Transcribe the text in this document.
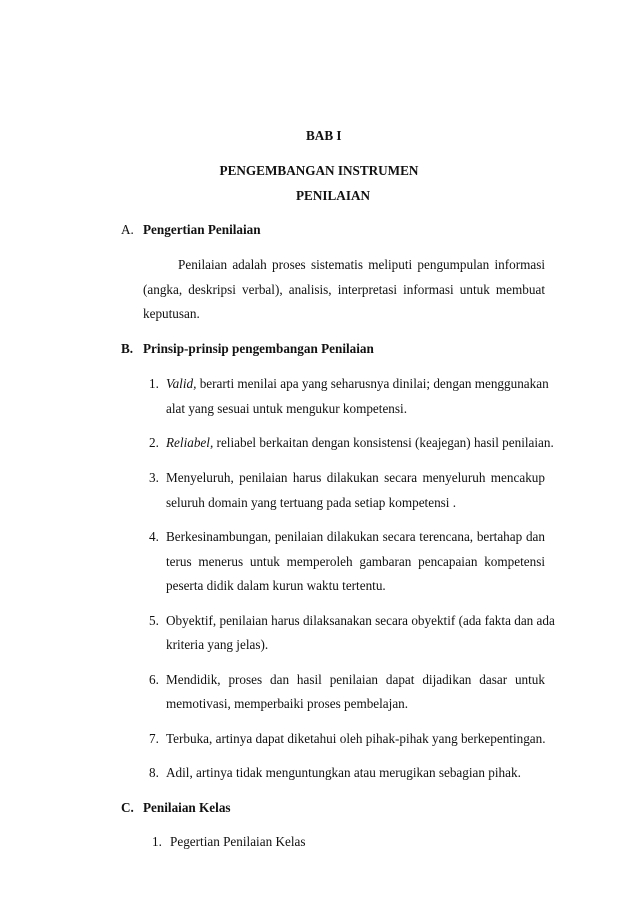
BAB I
PENGEMBANGAN INSTRUMEN
PENILAIAN
A. Pengertian Penilaian
Penilaian adalah proses sistematis meliputi pengumpulan informasi
(angka, deskripsi verbal), analisis, interpretasi informasi untuk membuat
keputusan.
B. Prinsip-prinsip pengembangan Penilaian
1. Valid, berarti menilai apa yang seharusnya dinilai; dengan menggunakan
alat yang sesuai untuk mengukur kompetensi.
2. Reliabel, reliabel berkaitan dengan konsistensi (keajegan) hasil penilaian.
3. Menyeluruh, penilaian harus dilakukan secara menyeluruh mencakup
seluruh domain yang tertuang pada setiap kompetensi .
4. Berkesinambungan, penilaian dilakukan secara terencana, bertahap dan
terus menerus untuk memperoleh gambaran pencapaian kompetensi
peserta didik dalam kurun waktu tertentu.
5. Obyektif, penilaian harus dilaksanakan secara obyektif (ada fakta dan ada
kriteria yang jelas).
6. Mendidik, proses dan hasil penilaian dapat dijadikan dasar untuk
memotivasi, memperbaiki proses pembelajan.
7. Terbuka, artinya dapat diketahui oleh pihak-pihak yang berkepentingan.
8. Adil, artinya tidak menguntungkan atau merugikan sebagian pihak.
C. Penilaian Kelas
1. Pegertian Penilaian Kelas
